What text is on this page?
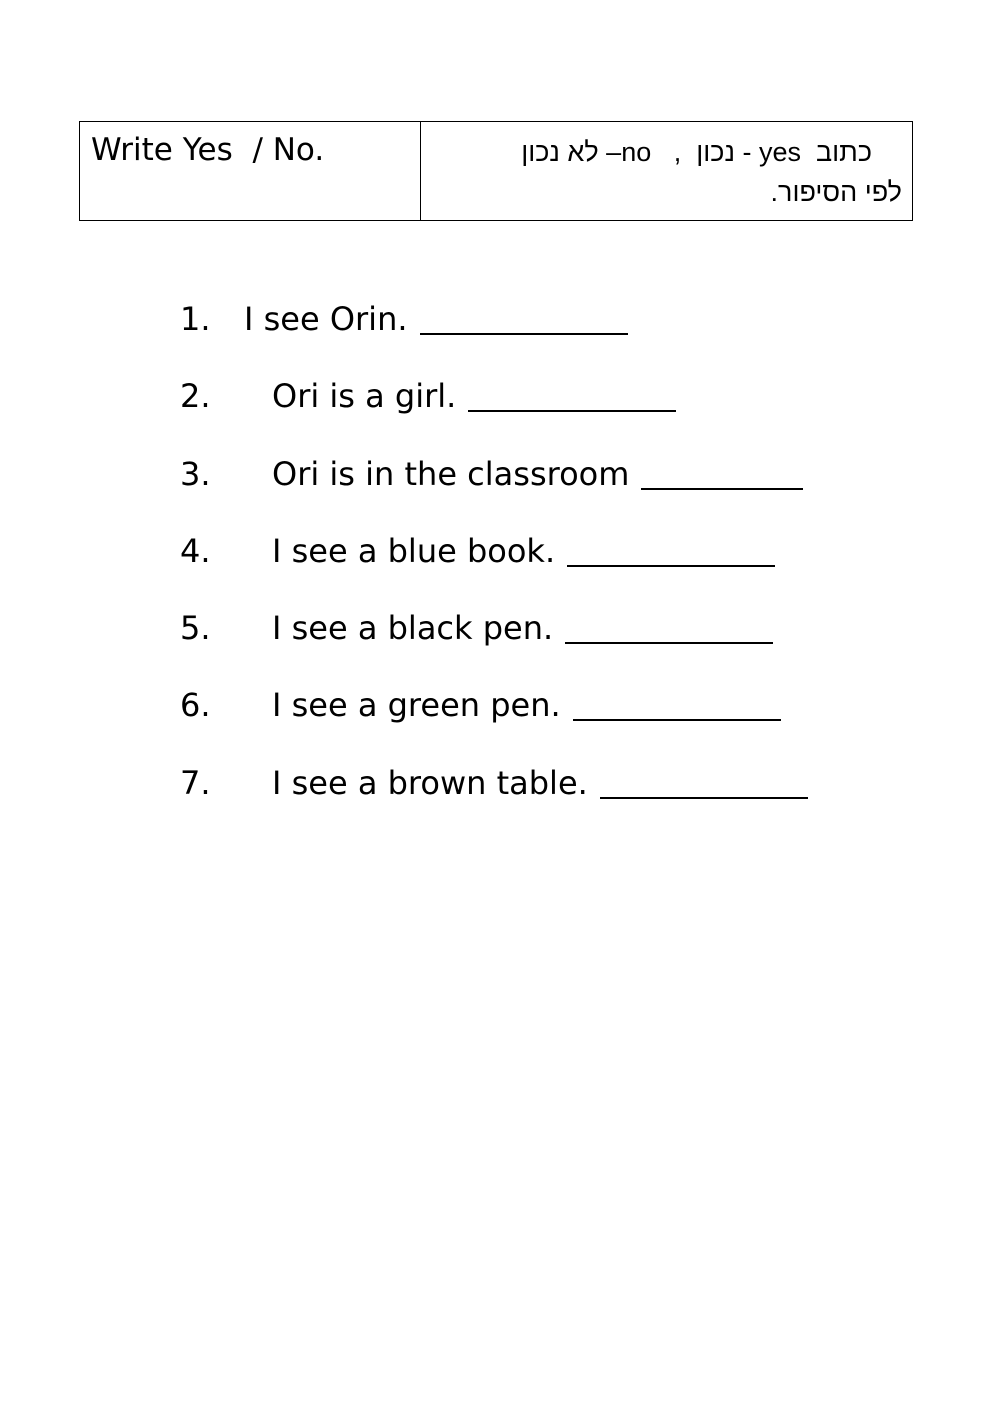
Write Yes  / No.	כתוב  yes - נכון  ,   no– לא נכון
לפי הסיפור.
1.	I see Orin.
2.	Ori is a girl.
3.	Ori is in the classroom
4.	I see a blue book.
5.	I see a black pen.
6.	I see a green pen.
7.	I see a brown table.
